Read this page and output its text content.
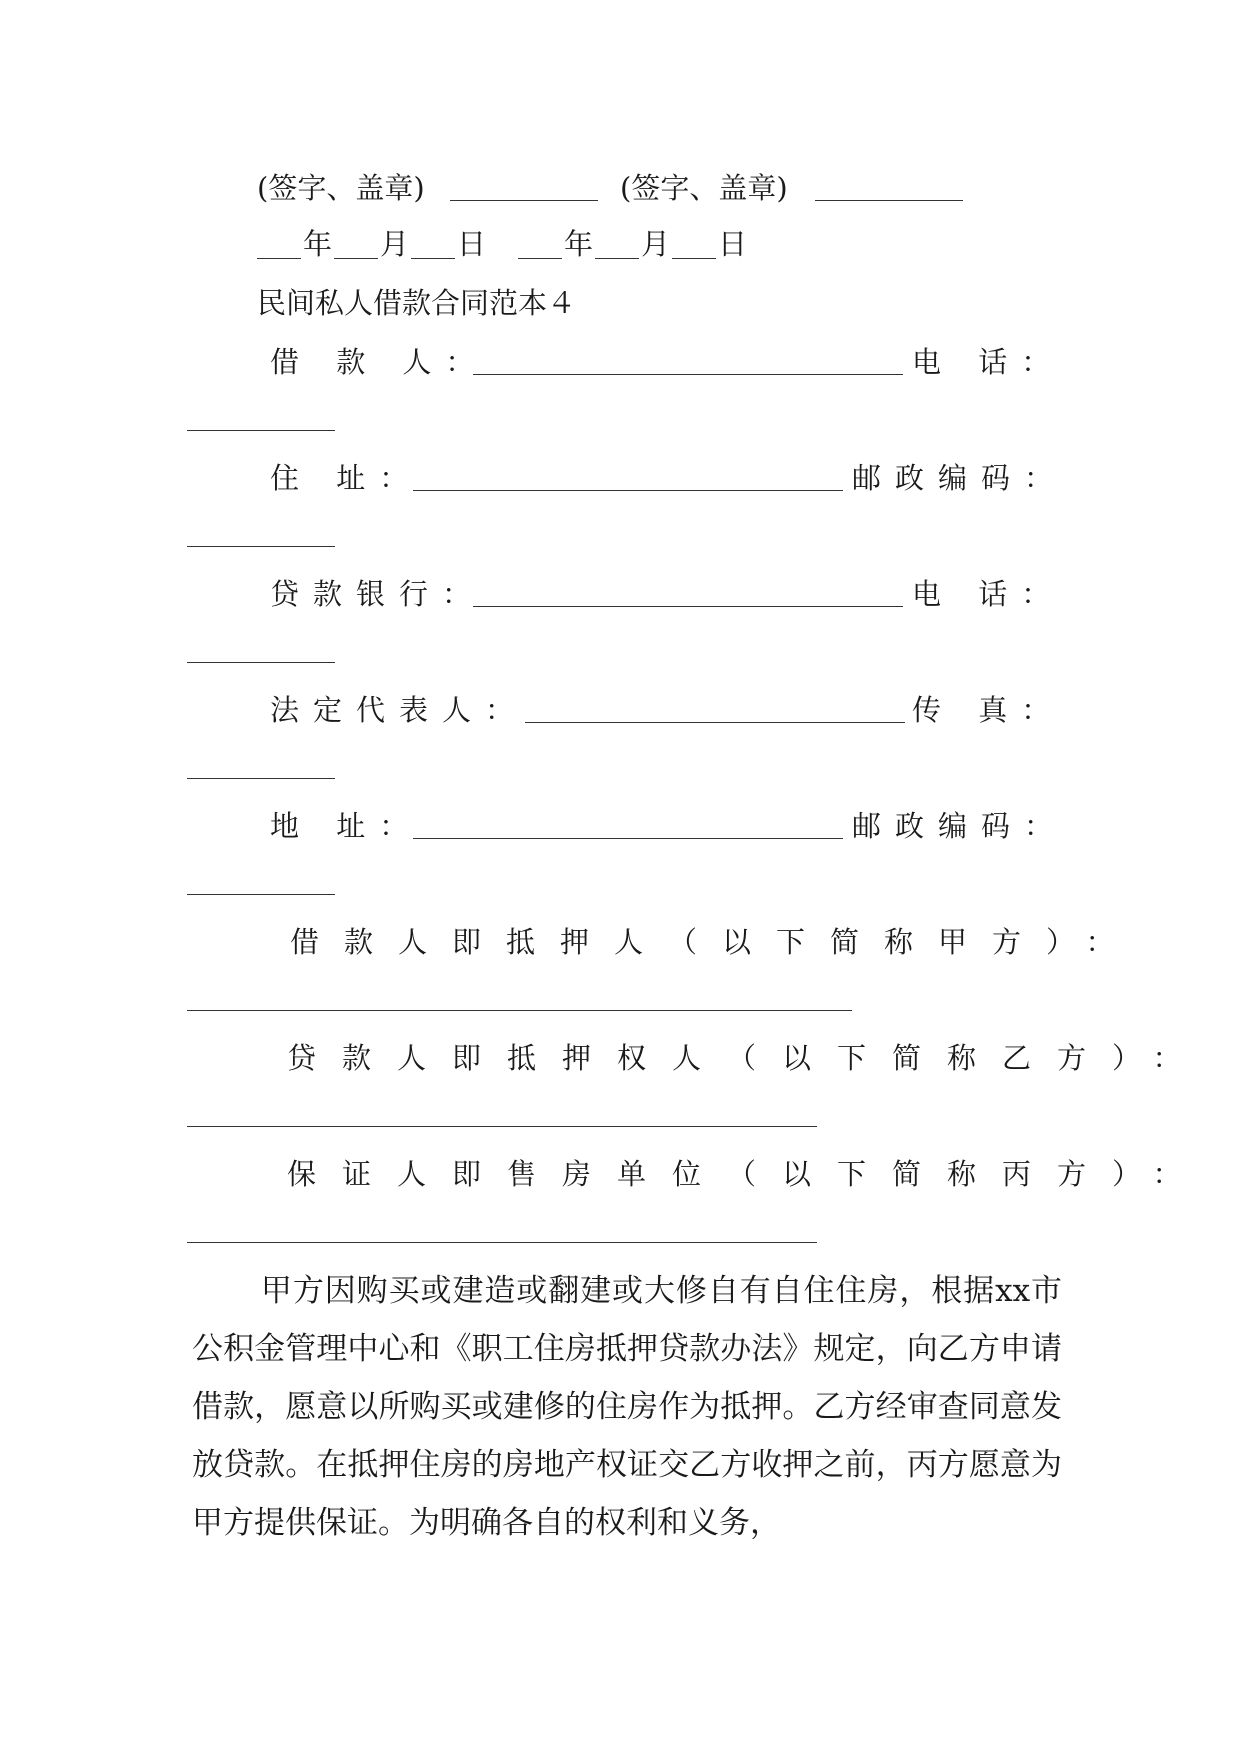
(签字、盖章)	(签字、盖章)
年 月 日	年 月 日
民间私人借款合同范本４
借 款 人：	电 话：
住 址：	邮政编码：
贷款银行：	电 话：
法定代表人：	传 真：
地 址：	邮政编码：
借款人即抵押人（以下简称甲方）：
贷款人即抵押权人（以下简称乙方）：
保证人即售房单位（以下简称丙方）：
甲方因购买或建造或翻建或大修自有自住住房，根据xx市公积金管理中心和《职工住房抵押贷款办法》规定，向乙方申请借款，愿意以所购买或建修的住房作为抵押。乙方经审查同意发放贷款。在抵押住房的房地产权证交乙方收押之前，丙方愿意为甲方提供保证。为明确各自的权利和义务，
